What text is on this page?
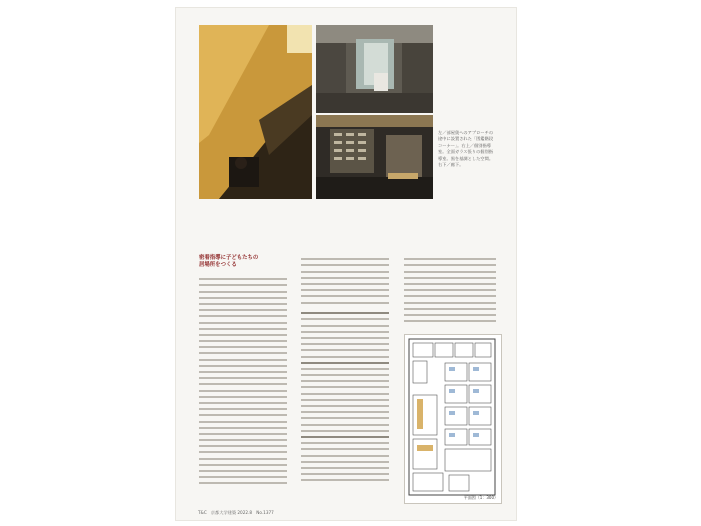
左／部屋奥へのアプローチの途中に設置された「図鑑階段コーナー」。右上／個別指導室。全面ガラス張りの個別指導室。黒を基調とした空間。右下／廊下。

密着指導に子どもたちの
居場所をつくる
平面図（1：300）
T&C　京都大学建築 2022.8　No.1377
